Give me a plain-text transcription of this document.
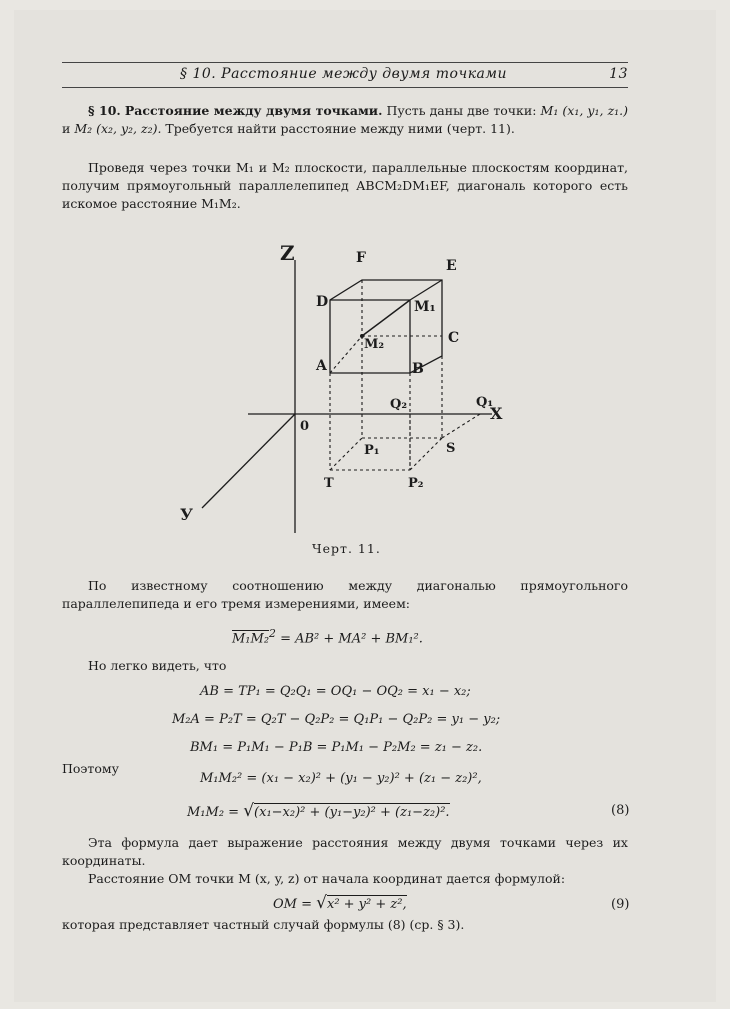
§ 10. Расстояние между двумя точками	13

§ 10. Расстояние между двумя точками. Пусть даны две точки: M₁ (x₁, y₁, z₁.) и M₂ (x₂, y₂, z₂). Требуется найти расстояние между ними (черт. 11).

Проведя через точки M₁ и M₂ плоскости, параллельные плоскостям координат, получим прямоугольный параллелепипед ABCM₂DM₁EF, диагональ которого есть искомое расстояние M₁M₂.

Z	F	E
D	M₁
C
M₂
A	B
Q₂	Q₁
X
0
S
P₁
T	P₂
У
Черт. 11.

По известному соотношению между диагональю прямоугольного параллелепипеда и его тремя измерениями, имеем:

M₁M₂$^2$ = AB² + MA² + BM₁².

Но легко видеть, что

AB = TP₁ = Q₂Q₁ = OQ₁ − OQ₂ = x₁ − x₂;
M₂A = P₂T = Q₂T − Q₂P₂ = Q₁P₁ − Q₂P₂ = y₁ − y₂;
BM₁ = P₁M₁ − P₁B = P₁M₁ − P₂M₂ = z₁ − z₂.

Поэтому

M₁M₂² = (x₁ − x₂)² + (y₁ − y₂)² + (z₁ − z₂)²,
M₁M₂ = √(x₁−x₂)² + (y₁−y₂)² + (z₁−z₂)².	(8)

Эта формула дает выражение расстояния между двумя точками через их координаты.

Расстояние OM точки M (x, y, z) от начала координат дается формулой:

OM = √x² + y² + z²,	(9)

которая представляет частный случай формулы (8) (ср. § 3).
